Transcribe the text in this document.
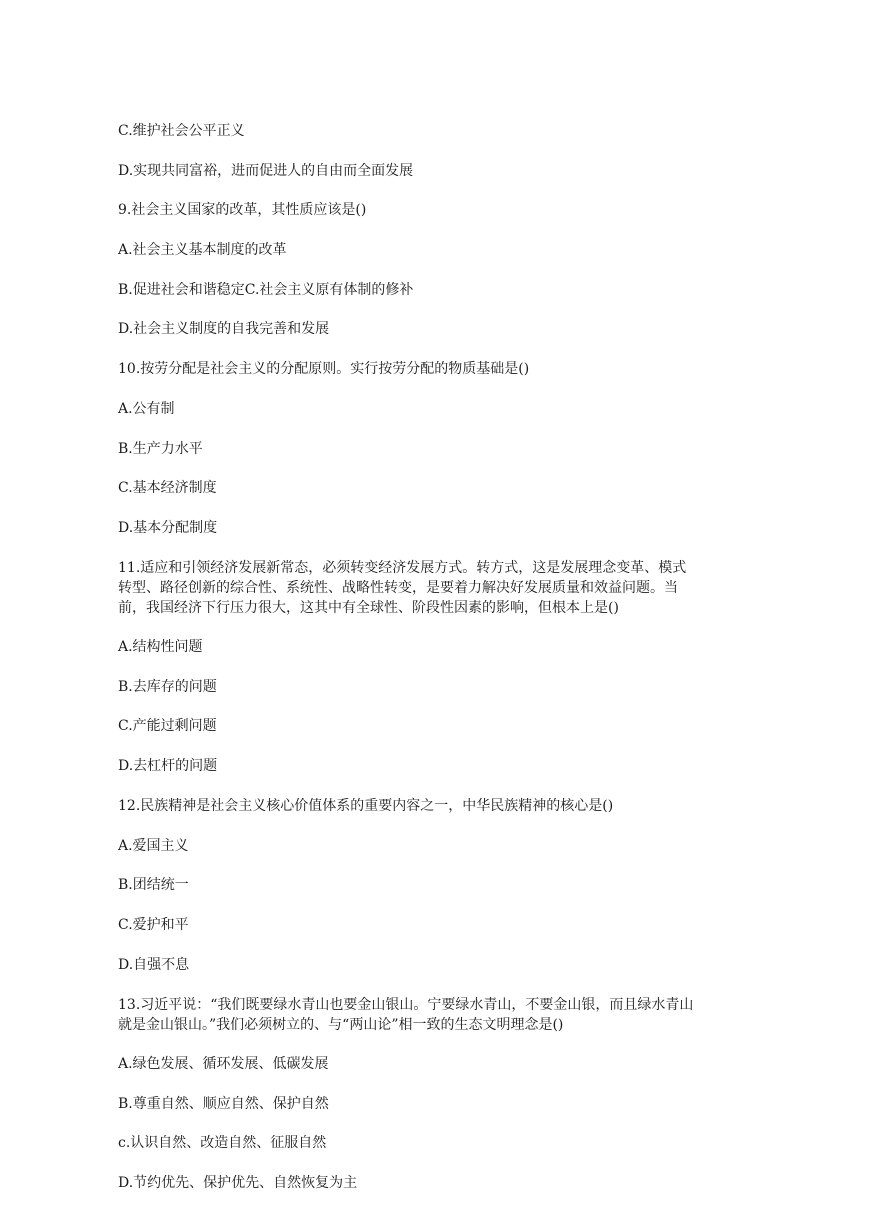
C.维护社会公平正义
D.实现共同富裕，进而促进人的自由而全面发展
9.社会主义国家的改革，其性质应该是()
A.社会主义基本制度的改革
B.促进社会和谐稳定C.社会主义原有体制的修补
D.社会主义制度的自我完善和发展
10.按劳分配是社会主义的分配原则。实行按劳分配的物质基础是()
A.公有制
B.生产力水平
C.基本经济制度
D.基本分配制度
11.适应和引领经济发展新常态，必须转变经济发展方式。转方式，这是发展理念变革、模式
转型、路径创新的综合性、系统性、战略性转变，是要着力解决好发展质量和效益问题。当
前，我国经济下行压力很大，这其中有全球性、阶段性因素的影响，但根本上是()
A.结构性问题
B.去库存的问题
C.产能过剩问题
D.去杠杆的问题
12.民族精神是社会主义核心价值体系的重要内容之一，中华民族精神的核心是()
A.爱国主义
B.团结统一
C.爱护和平
D.自强不息
13.习近平说：“我们既要绿水青山也要金山银山。宁要绿水青山，不要金山银，而且绿水青山
就是金山银山。”我们必须树立的、与“两山论”相一致的生态文明理念是()
A.绿色发展、循环发展、低碳发展
B.尊重自然、顺应自然、保护自然
c.认识自然、改造自然、征服自然
D.节约优先、保护优先、自然恢复为主
